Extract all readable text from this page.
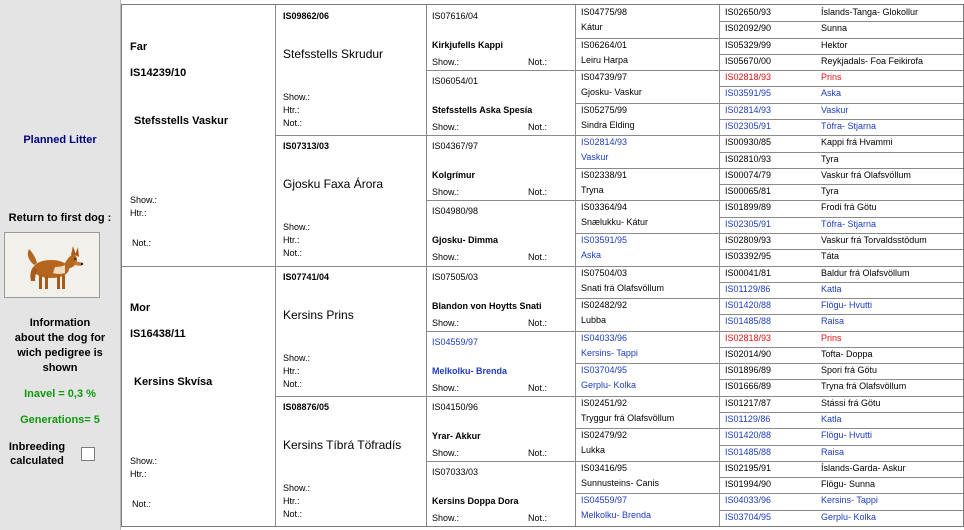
Planned Litter
Return to first dog :
Information
about the dog for
wich pedigree is
shown
Inavel = 0,3 %
Generations= 5
Inbreeding
calculated
Far
IS14239/10
Stefsstells Vaskur
Show.:
Htr.:
Not.:
Mor
IS16438/11
Kersins Skvísa
Show.:
Htr.:
Not.:
IS09862/06
Stefsstells Skrudur
Show.:
Htr.:
Not.:
IS07313/03
Gjosku Faxa Árora
Show.:
Htr.:
Not.:
IS07741/04
Kersins Prins
Show.:
Htr.:
Not.:
IS08876/05
Kersins Tíbrá Töfradís
Show.:
Htr.:
Not.:
IS07616/04
Kirkjufells Kappi
Show.:	Not.:
IS06054/01
Stefsstells Aska Spesía
Show.:	Not.:
IS04367/97
Kolgrímur
Show.:	Not.:
IS04980/98
Gjosku- Dimma
Show.:	Not.:
IS07505/03
Blandon von Hoytts Snati
Show.:	Not.:
IS04559/97
Melkolku- Brenda
Show.:	Not.:
IS04150/96
Yrar- Akkur
Show.:	Not.:
IS07033/03
Kersins Doppa Dora
Show.:	Not.:
IS04775/98
Kátur
IS06264/01
Leiru Harpa
IS04739/97
Gjosku- Vaskur
IS05275/99
Sindra Elding
IS02814/93
Vaskur
IS02338/91
Tryna
IS03364/94
Snælukku- Kátur
IS03591/95
Aska
IS07504/03
Snati frá Olafsvöllum
IS02482/92
Lubba
IS04033/96
Kersins- Tappi
IS03704/95
Gerplu- Kolka
IS02451/92
Tryggur frá Olafsvöllum
IS02479/92
Lukka
IS03416/95
Sunnusteins- Canis
IS04559/97
Melkolku- Brenda
IS02650/93	Íslands-Tanga- Glokollur
IS02092/90	Sunna
IS05329/99	Hektor
IS05670/00	Reykjadals- Foa Feikirofa
IS02818/93	Prins
IS03591/95	Aska
IS02814/93	Vaskur
IS02305/91	Töfra- Stjarna
IS00930/85	Kappi frá Hvammi
IS02810/93	Tyra
IS00074/79	Vaskur frá Olafsvöllum
IS00065/81	Tyra
IS01899/89	Frodi frá Götu
IS02305/91	Töfra- Stjarna
IS02809/93	Vaskur frá Torvaldsstödum
IS03392/95	Táta
IS00041/81	Baldur frá Olafsvöllum
IS01129/86	Katla
IS01420/88	Flögu- Hvutti
IS01485/88	Raisa
IS02818/93	Prins
IS02014/90	Tofta- Doppa
IS01896/89	Spori frá Götu
IS01666/89	Tryna frá Olafsvöllum
IS01217/87	Stássi frá Götu
IS01129/86	Katla
IS01420/88	Flögu- Hvutti
IS01485/88	Raisa
IS02195/91	Íslands-Garda- Askur
IS01994/90	Flögu- Sunna
IS04033/96	Kersins- Tappi
IS03704/95	Gerplu- Kolka
